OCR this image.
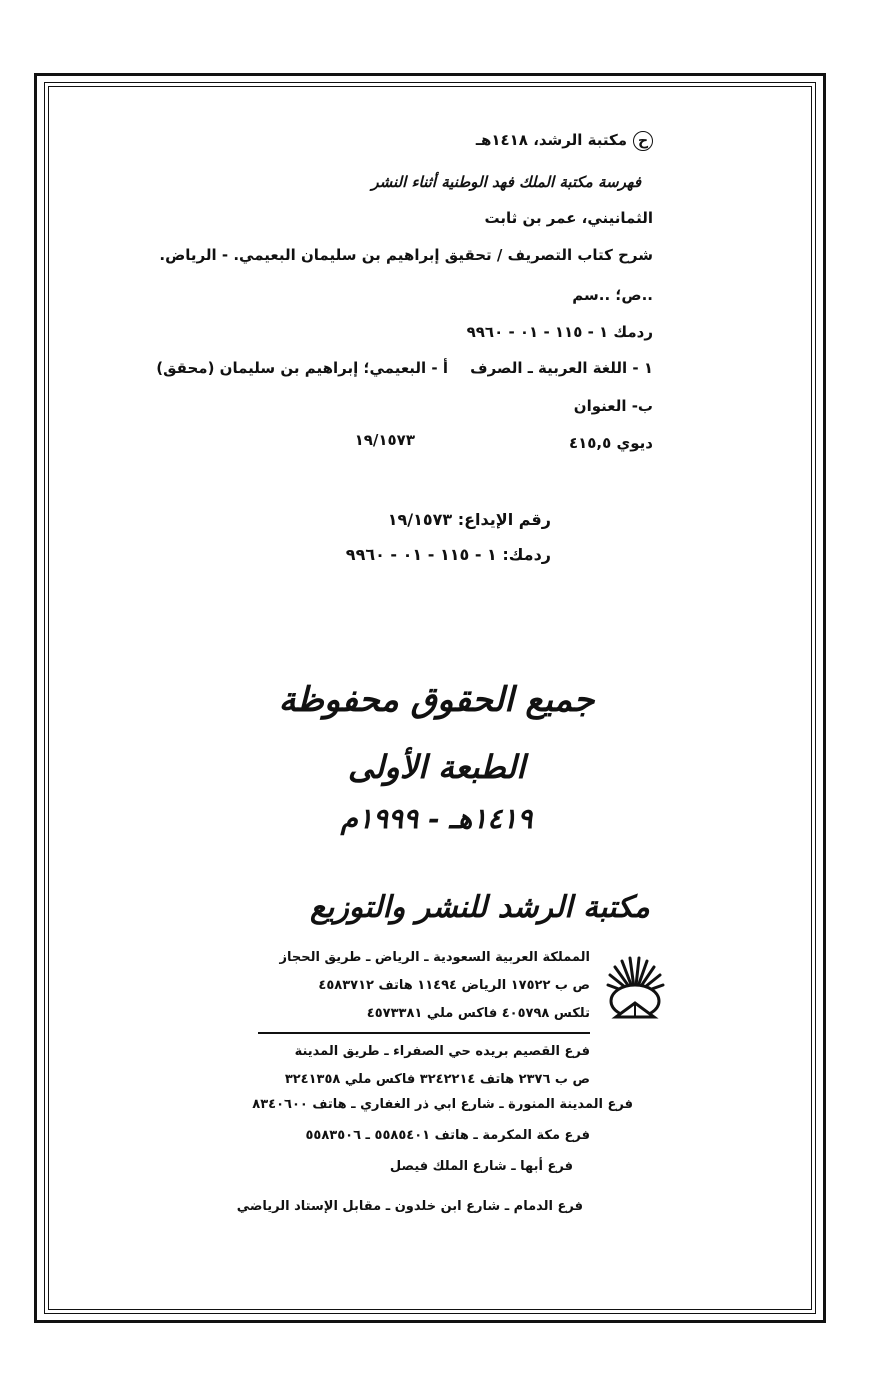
حمكتبة الرشد، ١٤١٨هـ
فهرسة مكتبة الملك فهد الوطنية أثناء النشر
الثمانيني، عمر بن ثابت
شرح كتاب التصريف / تحقيق إبراهيم بن سليمان البعيمي. - الرياض.
..ص؛ ..سم
ردمك ١ - ١١٥ - ٠١ - ٩٩٦٠
١ - اللغة العربية ـ الصرف
أ - البعيمي؛ إبراهيم بن سليمان (محقق)
ب- العنوان
ديوي ٤١٥,٥
١٩/١٥٧٣
رقم الإيداع: ١٩/١٥٧٣
ردمك: ١ - ١١٥ - ٠١ - ٩٩٦٠
جميع الحقوق محفوظة
الطبعة الأولى
١٤١٩هـ - ١٩٩٩م
مكتبة الرشد للنشر والتوزيع
المملكة العربية السعودية ـ الرياض ـ طريق الحجاز
ص ب ١٧٥٢٢ الرياض ١١٤٩٤ هاتف ٤٥٨٣٧١٢
تلكس ٤٠٥٧٩٨ فاكس ملي ٤٥٧٣٣٨١
فرع القصيم بريده حي الصفراء ـ طريق المدينة
ص ب ٢٣٧٦ هاتف ٣٢٤٢٢١٤ فاكس ملي ٣٢٤١٣٥٨
فرع المدينة المنورة ـ شارع ابي ذر الغفاري ـ هاتف ٨٣٤٠٦٠٠
فرع مكة المكرمة ـ هاتف ٥٥٨٥٤٠١ ـ ٥٥٨٣٥٠٦
فرع أبها ـ شارع الملك فيصل
فرع الدمام ـ شارع ابن خلدون ـ مقابل الإستاد الرياضي
